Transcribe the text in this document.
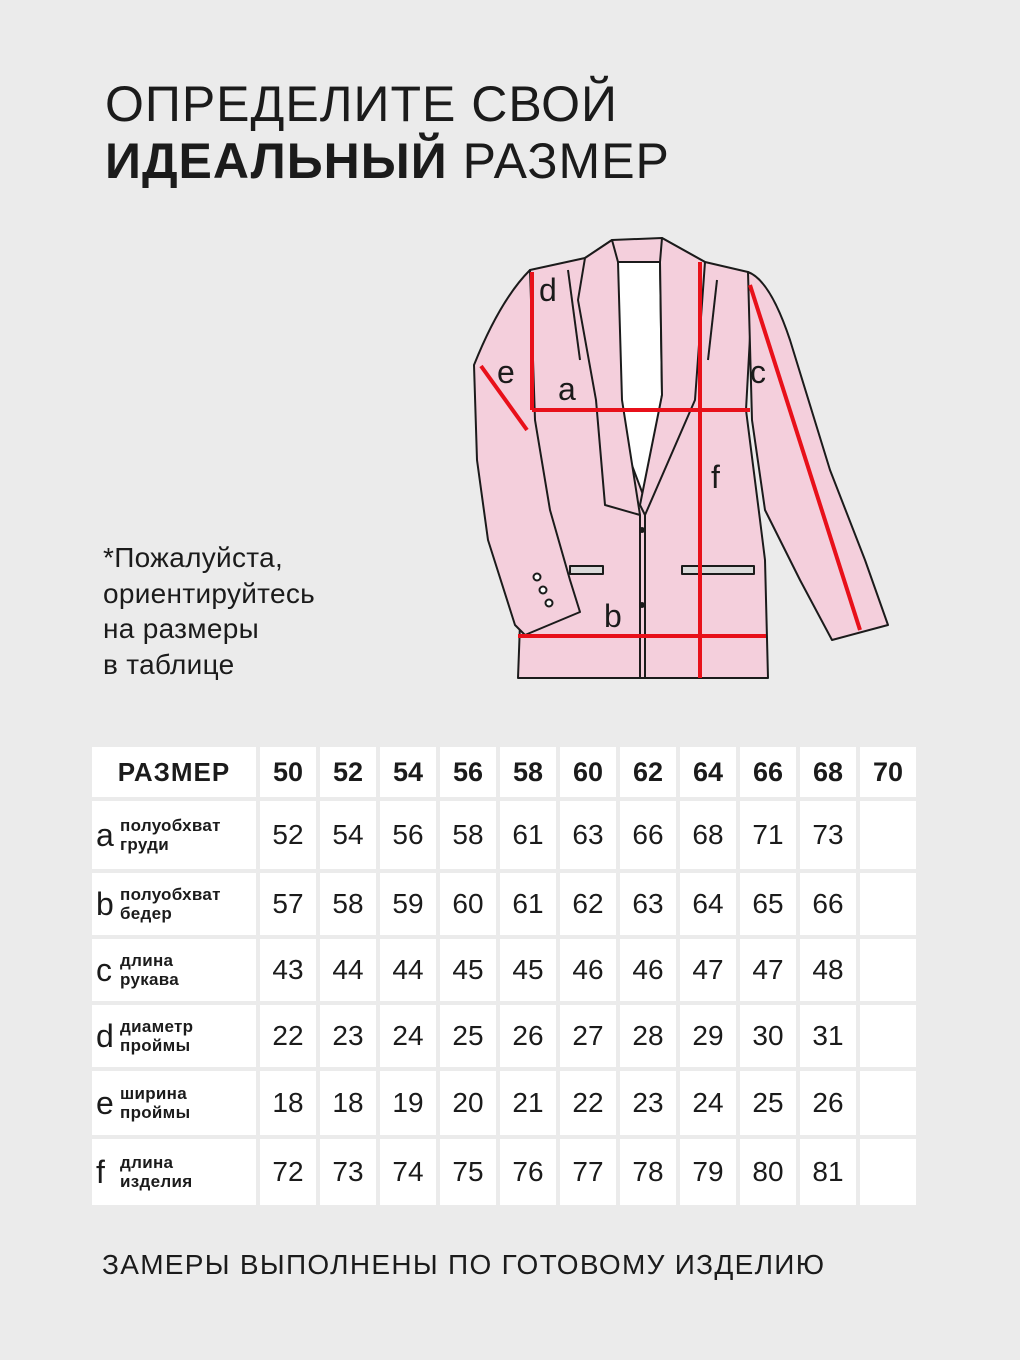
ОПРЕДЕЛИТЕ СВОЙ
ИДЕАЛЬНЫЙ РАЗМЕР
*Пожалуйста,
ориентируйтесь
на размеры
в таблице
a
b
c
d
e
f
РАЗМЕР	50	52	54	56	58	60	62	64	66	68	70
a полуобхват
груди	52	54	56	58	61	63	66	68	71	73	
b полуобхват
бедер	57	58	59	60	61	62	63	64	65	66	
c длина
рукава	43	44	44	45	45	46	46	47	47	48	
d диаметр
проймы	22	23	24	25	26	27	28	29	30	31	
e ширина
проймы	18	18	19	20	21	22	23	24	25	26	
f длина
изделия	72	73	74	75	76	77	78	79	80	81	
ЗАМЕРЫ ВЫПОЛНЕНЫ ПО ГОТОВОМУ ИЗДЕЛИЮ
